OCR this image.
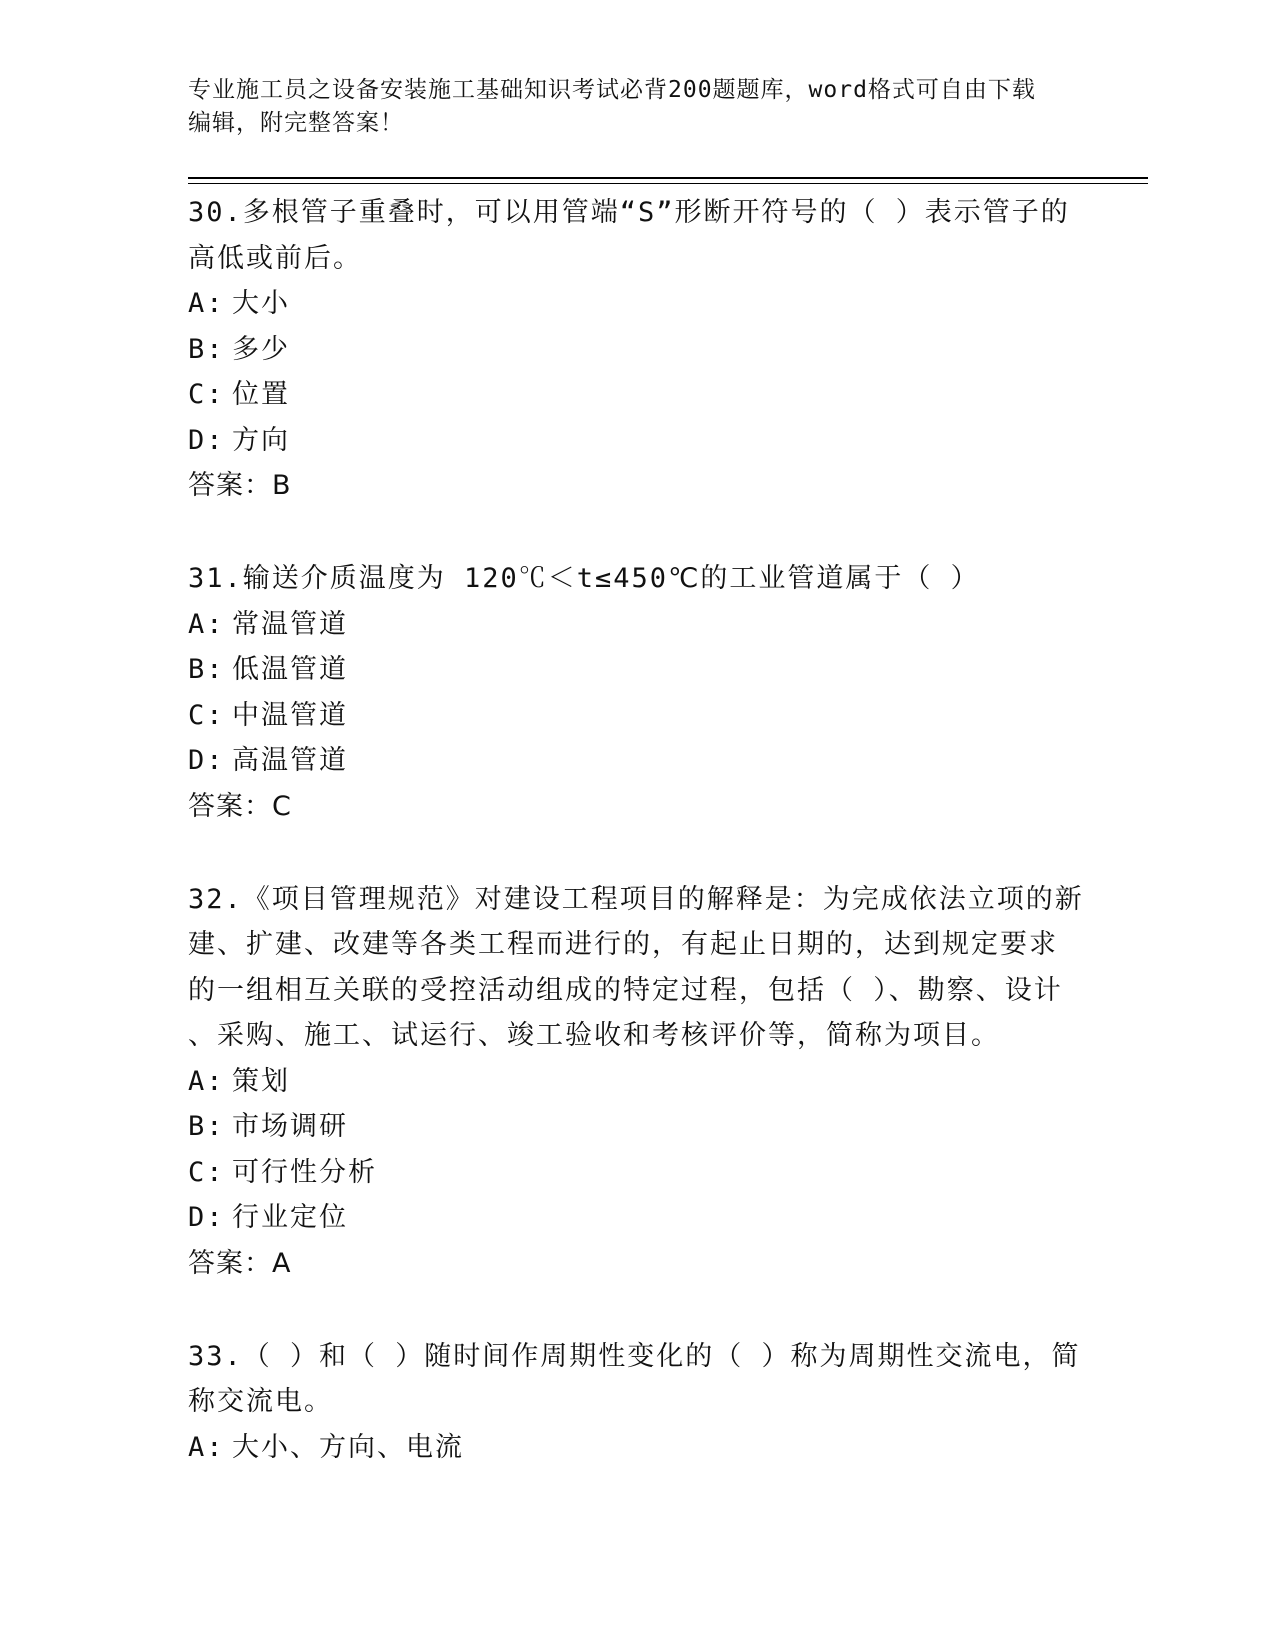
专业施工员之设备安装施工基础知识考试必背200题题库，word格式可自由下载
编辑，附完整答案！

30.多根管子重叠时，可以用管端“S”形断开符号的（ ）表示管子的

高低或前后。

A: 大小

B: 多少

C: 位置

D: 方向

答案：B

31.输送介质温度为 120℃＜t≤450℃的工业管道属于（ ）

A: 常温管道

B: 低温管道

C: 中温管道

D: 高温管道

答案：C

32.《项目管理规范》对建设工程项目的解释是：为完成依法立项的新

建、扩建、改建等各类工程而进行的，有起止日期的，达到规定要求

的一组相互关联的受控活动组成的特定过程，包括（ ）、勘察、设计

、采购、施工、试运行、竣工验收和考核评价等，简称为项目。

A: 策划

B: 市场调研

C: 可行性分析

D: 行业定位

答案：A

33.（ ）和（ ）随时间作周期性变化的（ ）称为周期性交流电，简

称交流电。

A: 大小、方向、电流
